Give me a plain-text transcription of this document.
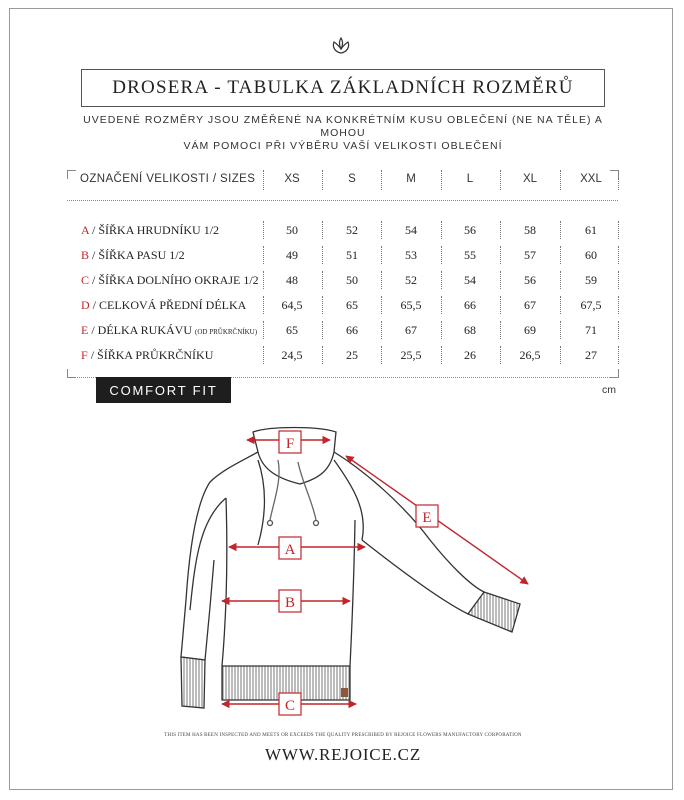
DROSERA - TABULKA ZÁKLADNÍCH ROZMĚRŮ
UVEDENÉ ROZMĚRY JSOU ZMĚŘENÉ NA KONKRÉTNÍM KUSU OBLEČENÍ (NE NA TĚLE) A MOHOU
VÁM POMOCI PŘI VÝBĚRU VAŠÍ VELIKOSTI OBLEČENÍ
OZNAČENÍ VELIKOSTI / SIZES	XS	S	M	L	XL	XXL
A / ŠÍŘKA HRUDNÍKU 1/2	50	52	54	56	58	61
B / ŠÍŘKA PASU 1/2	49	51	53	55	57	60
C / ŠÍŘKA DOLNÍHO OKRAJE 1/2	48	50	52	54	56	59
D / CELKOVÁ PŘEDNÍ DÉLKA	64,5	65	65,5	66	67	67,5
E / DÉLKA RUKÁVU (OD PRŮKRČNÍKU)	65	66	67	68	69	71
F / ŠÍŘKA PRŮKRČNÍKU	24,5	25	25,5	26	26,5	27
COMFORT FIT	cm
F
A
B
C
E
THIS ITEM HAS BEEN INSPECTED AND MEETS OR EXCEEDS THE QUALITY PRESCRIBED BY REJOICE FLOWERS MANUFACTORY CORPORATION
WWW.REJOICE.CZ
